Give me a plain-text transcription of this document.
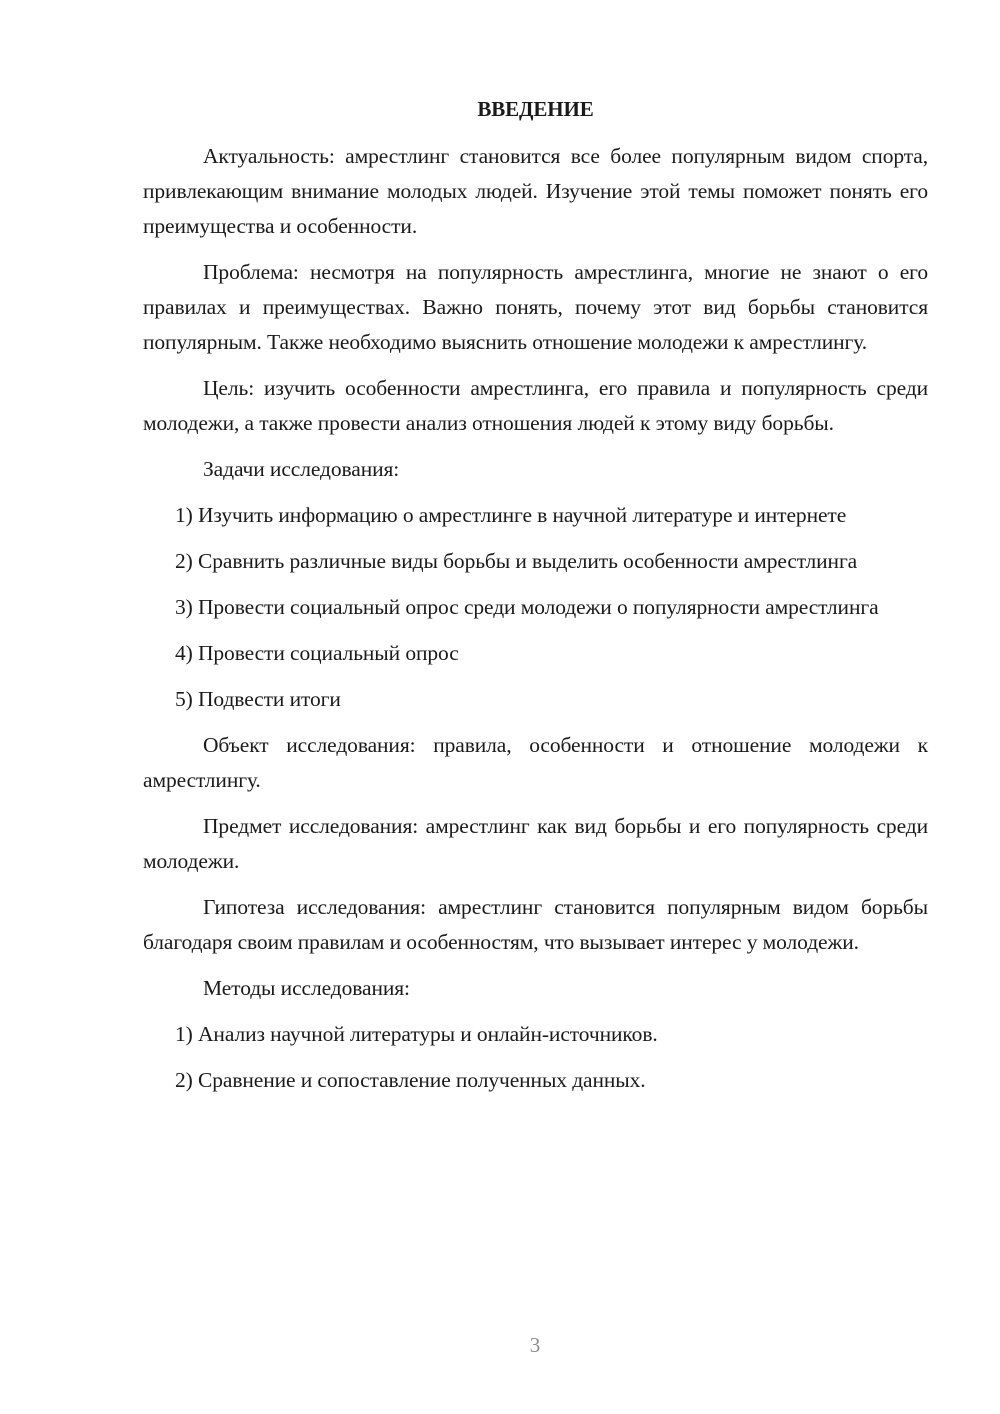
ВВЕДЕНИЕ

Актуальность: амрестлинг становится все более популярным видом спорта, привлекающим внимание молодых людей. Изучение этой темы поможет понять его преимущества и особенности.

Проблема: несмотря на популярность амрестлинга, многие не знают о его правилах и преимуществах. Важно понять, почему этот вид борьбы становится популярным. Также необходимо выяснить отношение молодежи к амрестлингу.

Цель: изучить особенности амрестлинга, его правила и популярность среди молодежи, а также провести анализ отношения людей к этому виду борьбы.

Задачи исследования:

1) Изучить информацию о амрестлинге в научной литературе и интернете

2) Сравнить различные виды борьбы и выделить особенности амрестлинга

3) Провести социальный опрос среди молодежи о популярности амрестлинга

4) Провести социальный опрос

5) Подвести итоги

Объект исследования: правила, особенности и отношение молодежи к амрестлингу.

Предмет исследования: амрестлинг как вид борьбы и его популярность среди молодежи.

Гипотеза исследования: амрестлинг становится популярным видом борьбы благодаря своим правилам и особенностям, что вызывает интерес у молодежи.

Методы исследования:

1) Анализ научной литературы и онлайн-источников.

2) Сравнение и сопоставление полученных данных.

3
